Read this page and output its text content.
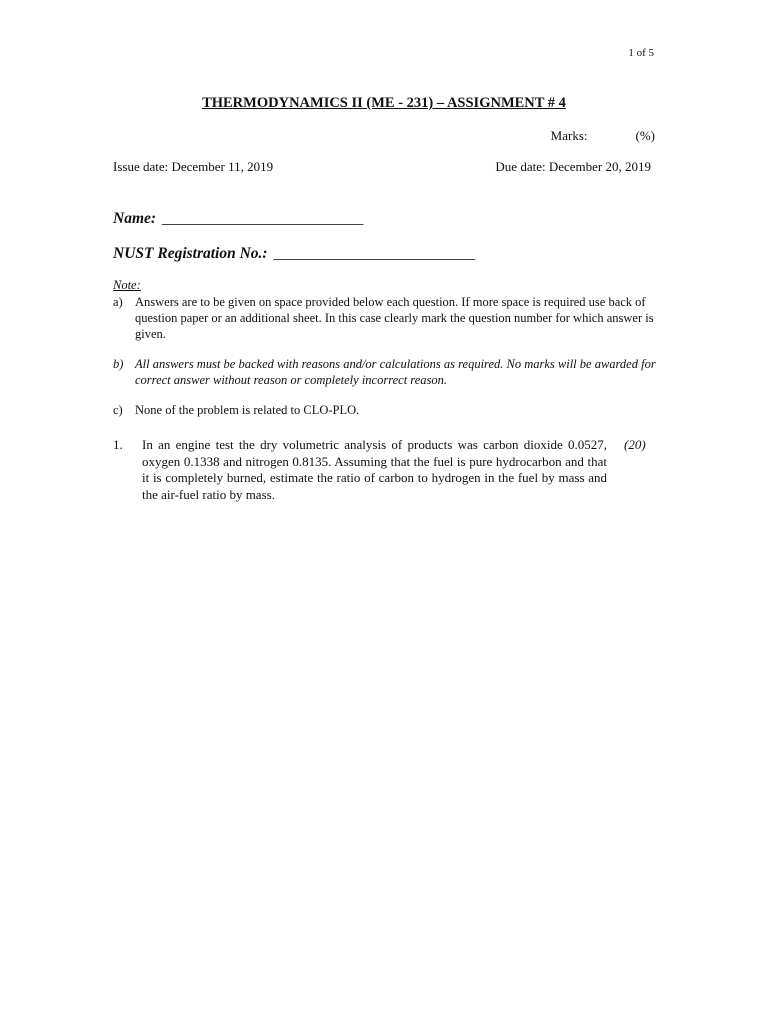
1 of 5
THERMODYNAMICS II (ME - 231) – ASSIGNMENT # 4
Marks:	(%)
Issue date: December 11, 2019	Due date: December 20, 2019
Name: __________________________
NUST Registration No.: __________________________
Note:
a) Answers are to be given on space provided below each question. If more space is required use back of question paper or an additional sheet. In this case clearly mark the question number for which answer is given.
b) All answers must be backed with reasons and/or calculations as required. No marks will be awarded for correct answer without reason or completely incorrect reason.
c) None of the problem is related to CLO-PLO.
1.	In an engine test the dry volumetric analysis of products was carbon dioxide 0.0527, oxygen 0.1338 and nitrogen 0.8135. Assuming that the fuel is pure hydrocarbon and that it is completely burned, estimate the ratio of carbon to hydrogen in the fuel by mass and the air-fuel ratio by mass.
(20)
